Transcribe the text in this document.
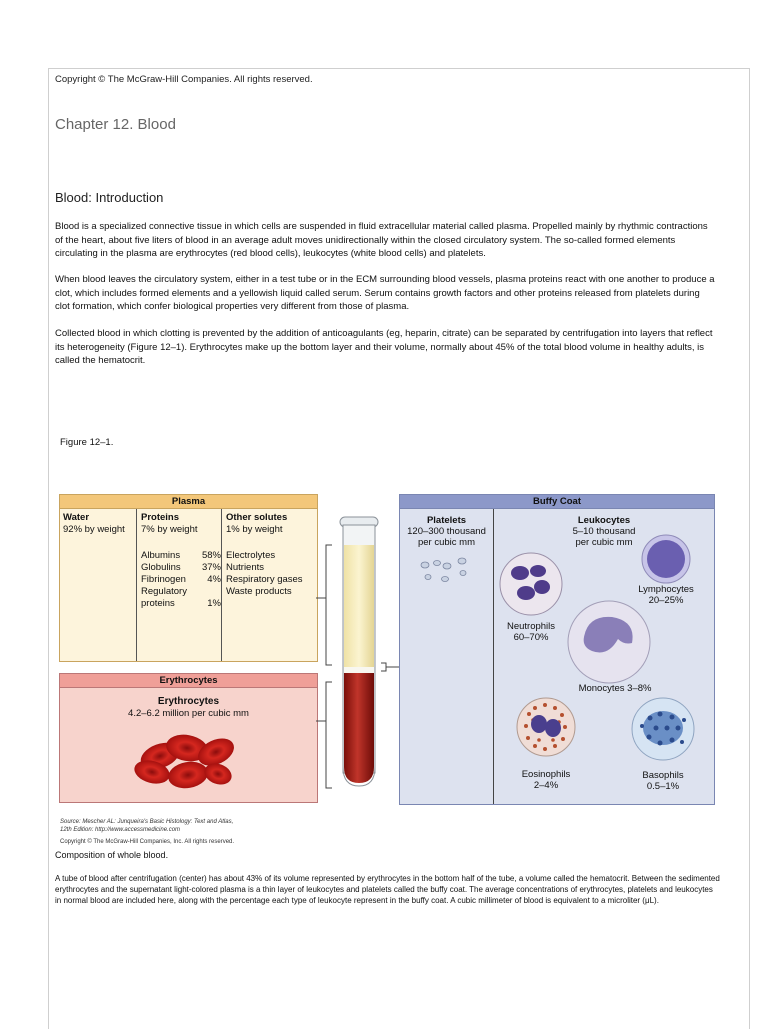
Copyright © The McGraw-Hill Companies. All rights reserved.
Chapter 12. Blood
Blood: Introduction

Blood is a specialized connective tissue in which cells are suspended in fluid extracellular material called plasma. Propelled mainly by rhythmic contractions of the heart, about five liters of blood in an average adult moves unidirectionally within the closed circulatory system. The so-called formed elements circulating in the plasma are erythrocytes (red blood cells), leukocytes (white blood cells) and platelets.

When blood leaves the circulatory system, either in a test tube or in the ECM surrounding blood vessels, plasma proteins react with one another to produce a clot, which includes formed elements and a yellowish liquid called serum. Serum contains growth factors and other proteins released from platelets during clot formation, which confer biological properties very different from those of plasma.

Collected blood in which clotting is prevented by the addition of anticoagulants (eg, heparin, citrate) can be separated by centrifugation into layers that reflect its heterogeneity (Figure 12–1). Erythrocytes make up the bottom layer and their volume, normally about 45% of the total blood volume in healthy adults, is called the hematocrit.

Figure 12–1.
Plasma
Water
92% by weight
Proteins
7% by weight
Albumins 58%
Globulins 37%
Fibrinogen 4%
Regulatory
proteins	1%
Other solutes
1% by weight
Electrolytes
Nutrients
Respiratory gases
Waste products
Erythrocytes
Erythrocytes
4.2–6.2 million per cubic mm
Buffy Coat
Platelets
120–300 thousand
per cubic mm
Leukocytes
5–10 thousand
per cubic mm
Neutrophils
60–70%
Lymphocytes
20–25%
Monocytes 3–8%
Eosinophils
2–4%
Basophils
0.5–1%
Source: Mescher AL: Junqueira's Basic Histology: Text and Atlas,
12th Edition: http://www.accessmedicine.com
Copyright © The McGraw-Hill Companies, Inc. All rights reserved.
Composition of whole blood.
A tube of blood after centrifugation (center) has about 43% of its volume represented by erythrocytes in the bottom half of the tube, a volume called the hematocrit. Between the sedimented erythrocytes and the supernatant light-colored plasma is a thin layer of leukocytes and platelets called the buffy coat. The average concentrations of erythrocytes, platelets and leukocytes in normal blood are included here, along with the percentage each type of leukocyte represent in the buffy coat. A cubic millimeter of blood is equivalent to a microliter (μL).
